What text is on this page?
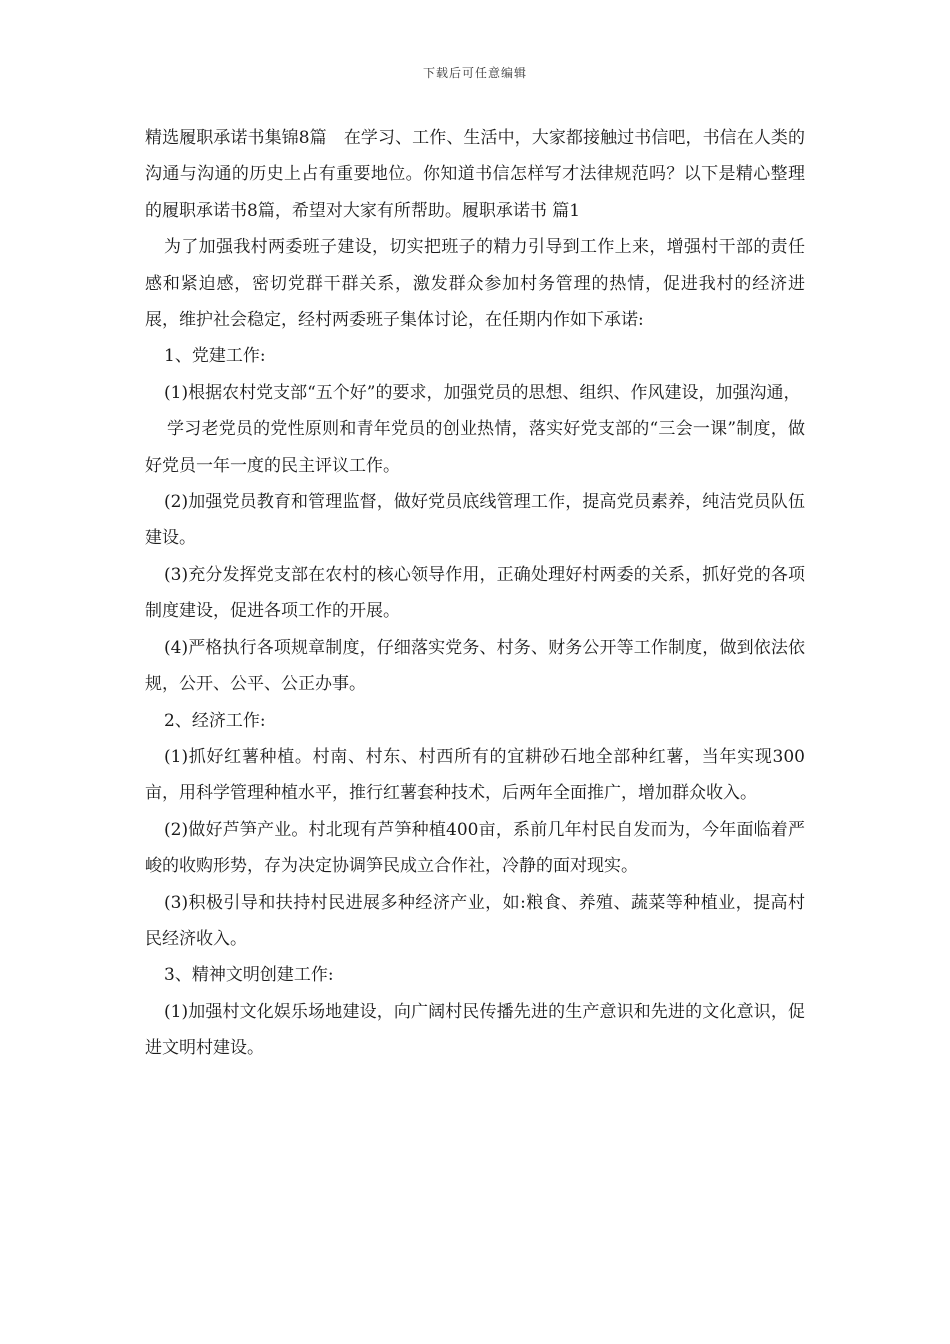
下载后可任意编辑

精选履职承诺书集锦8篇　在学习、工作、生活中，大家都接触过书信吧，书信在人类的沟通与沟通的历史上占有重要地位。你知道书信怎样写才法律规范吗？以下是精心整理的履职承诺书8篇，希望对大家有所帮助。履职承诺书 篇1

为了加强我村两委班子建设，切实把班子的精力引导到工作上来，增强村干部的责任感和紧迫感，密切党群干群关系，激发群众参加村务管理的热情，促进我村的经济进展，维护社会稳定，经村两委班子集体讨论，在任期内作如下承诺:

1、党建工作:

(1)根据农村党支部“五个好”的要求，加强党员的思想、组织、作风建设，加强沟通，

学习老党员的党性原则和青年党员的创业热情，落实好党支部的“三会一课”制度，做好党员一年一度的民主评议工作。

(2)加强党员教育和管理监督，做好党员底线管理工作，提高党员素养，纯洁党员队伍建设。

(3)充分发挥党支部在农村的核心领导作用，正确处理好村两委的关系，抓好党的各项制度建设，促进各项工作的开展。

(4)严格执行各项规章制度，仔细落实党务、村务、财务公开等工作制度，做到依法依规，公开、公平、公正办事。

2、经济工作:

(1)抓好红薯种植。村南、村东、村西所有的宜耕砂石地全部种红薯，当年实现300亩，用科学管理种植水平，推行红薯套种技术，后两年全面推广，增加群众收入。

(2)做好芦笋产业。村北现有芦笋种植400亩，系前几年村民自发而为，今年面临着严峻的收购形势，存为决定协调笋民成立合作社，冷静的面对现实。

(3)积极引导和扶持村民进展多种经济产业，如:粮食、养殖、蔬菜等种植业，提高村民经济收入。

3、精神文明创建工作:

(1)加强村文化娱乐场地建设，向广阔村民传播先进的生产意识和先进的文化意识，促进文明村建设。
